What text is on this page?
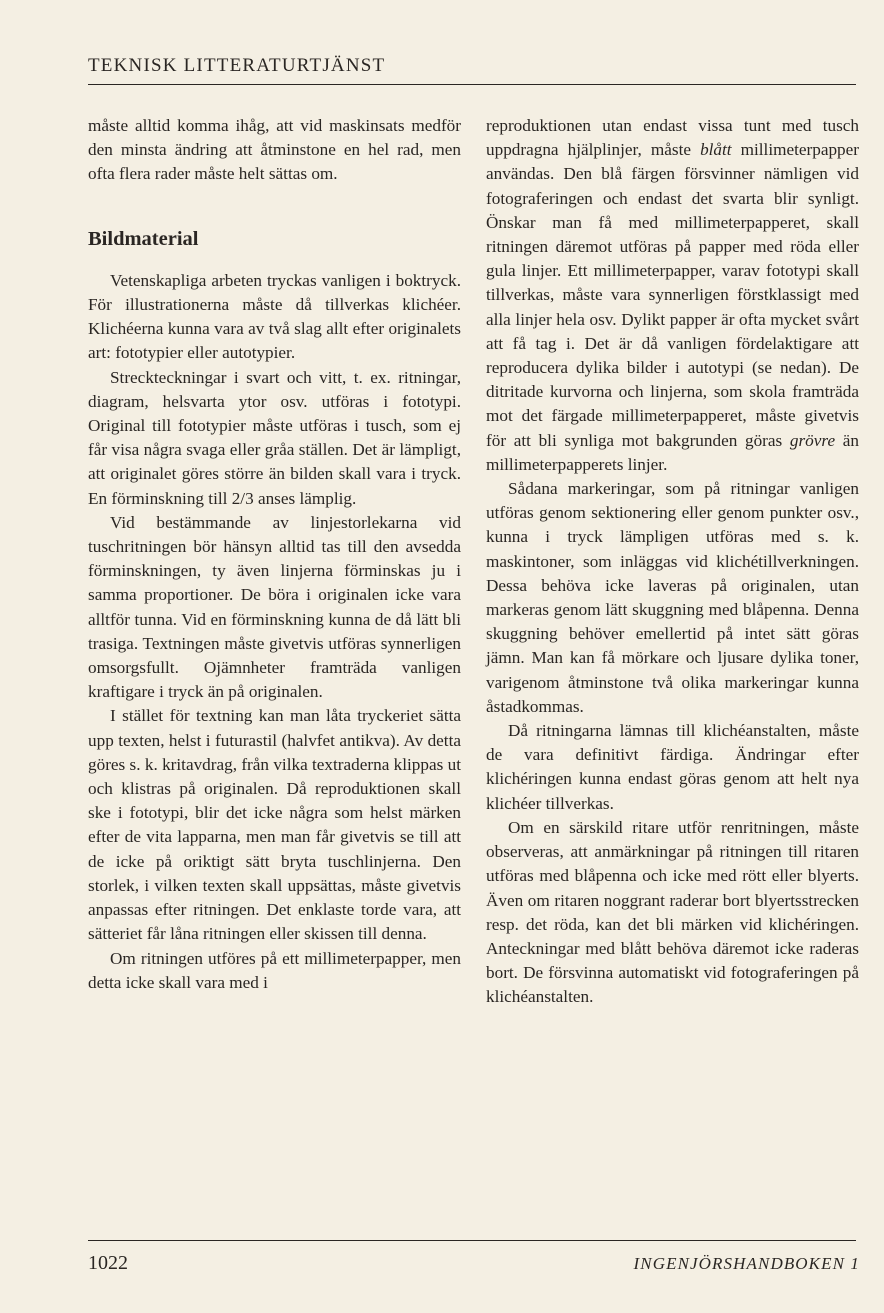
TEKNISK LITTERATURTJÄNST

måste alltid komma ihåg, att vid maskinsats medför den minsta ändring att åtminstone en hel rad, men ofta flera rader måste helt sättas om.

Bildmaterial

Vetenskapliga arbeten tryckas vanligen i boktryck. För illustrationerna måste då tillverkas klichéer. Klichéerna kunna vara av två slag allt efter originalets art: fototypier eller autotypier.

Streckteckningar i svart och vitt, t. ex. ritningar, diagram, helsvarta ytor osv. utföras i fototypi. Original till fototypier måste utföras i tusch, som ej får visa några svaga eller gråa ställen. Det är lämpligt, att originalet göres större än bilden skall vara i tryck. En förminskning till 2/3 anses lämplig.

Vid bestämmande av linjestorlekarna vid tuschritningen bör hänsyn alltid tas till den avsedda förminskningen, ty även linjerna förminskas ju i samma proportioner. De böra i originalen icke vara alltför tunna. Vid en förminskning kunna de då lätt bli trasiga. Textningen måste givetvis utföras synnerligen omsorgsfullt. Ojämnheter framträda vanligen kraftigare i tryck än på originalen.

I stället för textning kan man låta tryckeriet sätta upp texten, helst i futurastil (halvfet antikva). Av detta göres s. k. kritavdrag, från vilka textraderna klippas ut och klistras på originalen. Då reproduktionen skall ske i fototypi, blir det icke några som helst märken efter de vita lapparna, men man får givetvis se till att de icke på oriktigt sätt bryta tuschlinjerna. Den storlek, i vilken texten skall uppsättas, måste givetvis anpassas efter ritningen. Det enklaste torde vara, att sätteriet får låna ritningen eller skissen till denna.

Om ritningen utföres på ett millimeterpapper, men detta icke skall vara med i

reproduktionen utan endast vissa tunt med tusch uppdragna hjälplinjer, måste blått millimeterpapper användas. Den blå färgen försvinner nämligen vid fotograferingen och endast det svarta blir synligt. Önskar man få med millimeterpapperet, skall ritningen däremot utföras på papper med röda eller gula linjer. Ett millimeterpapper, varav fototypi skall tillverkas, måste vara synnerligen förstklassigt med alla linjer hela osv. Dylikt papper är ofta mycket svårt att få tag i. Det är då vanligen fördelaktigare att reproducera dylika bilder i autotypi (se nedan). De ditritade kurvorna och linjerna, som skola framträda mot det färgade millimeterpapperet, måste givetvis för att bli synliga mot bakgrunden göras grövre än millimeterpapperets linjer.

Sådana markeringar, som på ritningar vanligen utföras genom sektionering eller genom punkter osv., kunna i tryck lämpligen utföras med s. k. maskintoner, som inläggas vid klichétillverkningen. Dessa behöva icke laveras på originalen, utan markeras genom lätt skuggning med blåpenna. Denna skuggning behöver emellertid på intet sätt göras jämn. Man kan få mörkare och ljusare dylika toner, varigenom åtminstone två olika markeringar kunna åstadkommas.

Då ritningarna lämnas till klichéanstalten, måste de vara definitivt färdiga. Ändringar efter klichéringen kunna endast göras genom att helt nya klichéer tillverkas.

Om en särskild ritare utför renritningen, måste observeras, att anmärkningar på ritningen till ritaren utföras med blåpenna och icke med rött eller blyerts. Även om ritaren noggrant raderar bort blyertsstrecken resp. det röda, kan det bli märken vid klichéringen. Anteckningar med blått behöva däremot icke raderas bort. De försvinna automatiskt vid fotograferingen på klichéanstalten.

1022	INGENJÖRSHANDBOKEN 1
